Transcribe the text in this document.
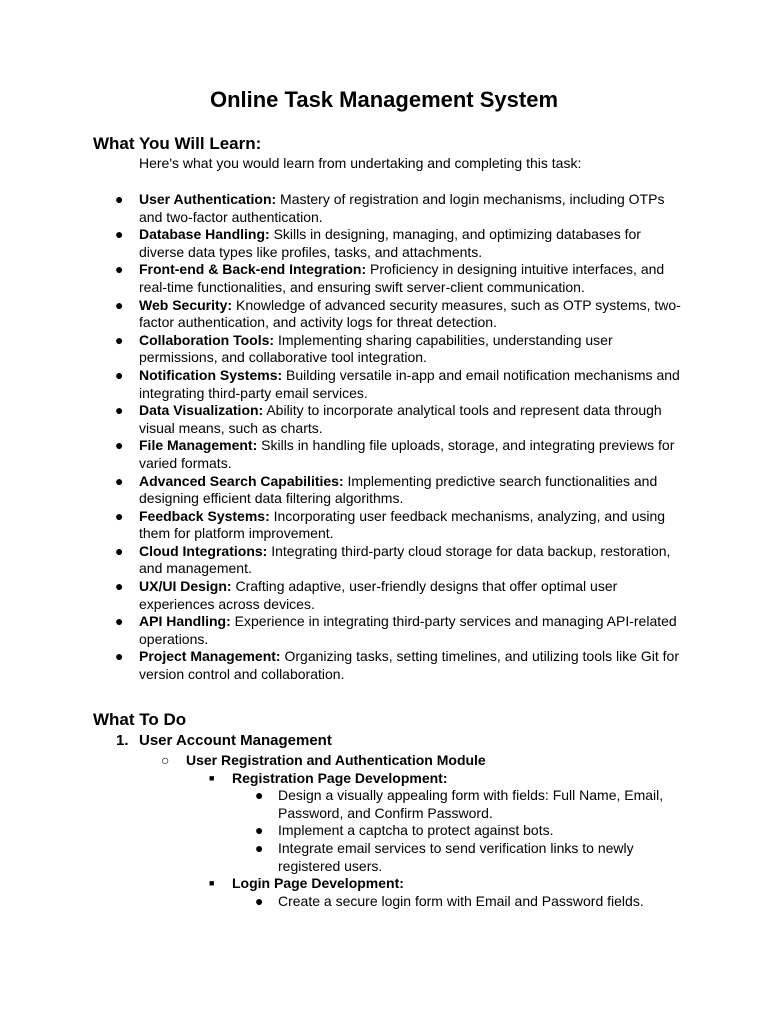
Online Task Management System
What You Will Learn:
Here's what you would learn from undertaking and completing this task:
● User Authentication: Mastery of registration and login mechanisms, including OTPs and two-factor authentication.
● Database Handling: Skills in designing, managing, and optimizing databases for diverse data types like profiles, tasks, and attachments.
● Front-end & Back-end Integration: Proficiency in designing intuitive interfaces, and real-time functionalities, and ensuring swift server-client communication.
● Web Security: Knowledge of advanced security measures, such as OTP systems, two-factor authentication, and activity logs for threat detection.
● Collaboration Tools: Implementing sharing capabilities, understanding user permissions, and collaborative tool integration.
● Notification Systems: Building versatile in-app and email notification mechanisms and integrating third-party email services.
● Data Visualization: Ability to incorporate analytical tools and represent data through visual means, such as charts.
● File Management: Skills in handling file uploads, storage, and integrating previews for varied formats.
● Advanced Search Capabilities: Implementing predictive search functionalities and designing efficient data filtering algorithms.
● Feedback Systems: Incorporating user feedback mechanisms, analyzing, and using them for platform improvement.
● Cloud Integrations: Integrating third-party cloud storage for data backup, restoration, and management.
● UX/UI Design: Crafting adaptive, user-friendly designs that offer optimal user experiences across devices.
● API Handling: Experience in integrating third-party services and managing API-related operations.
● Project Management: Organizing tasks, setting timelines, and utilizing tools like Git for version control and collaboration.
What To Do
1. User Account Management
○ User Registration and Authentication Module
■ Registration Page Development:
● Design a visually appealing form with fields: Full Name, Email, Password, and Confirm Password.
● Implement a captcha to protect against bots.
● Integrate email services to send verification links to newly registered users.
■ Login Page Development:
● Create a secure login form with Email and Password fields.
